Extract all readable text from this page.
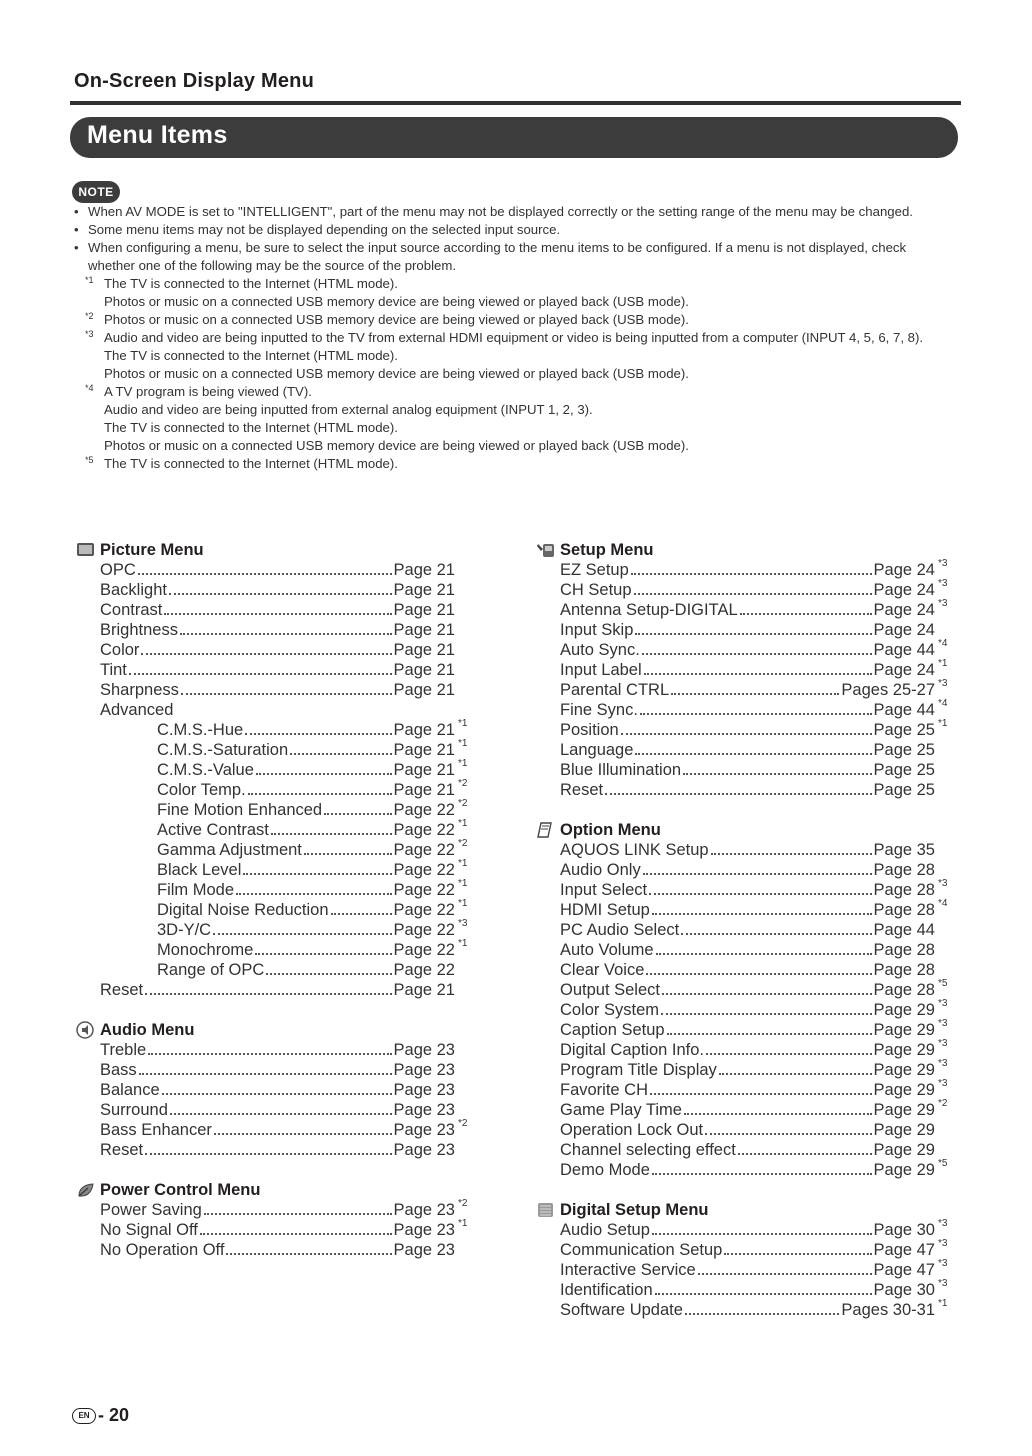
On-Screen Display Menu
Menu Items
NOTE
• When AV MODE is set to "INTELLIGENT", part of the menu may not be displayed correctly or the setting range of the menu may be changed.
• Some menu items may not be displayed depending on the selected input source.
• When configuring a menu, be sure to select the input source according to the menu items to be configured. If a menu is not displayed, check whether one of the following may be the source of the problem.
*1 The TV is connected to the Internet (HTML mode).
Photos or music on a connected USB memory device are being viewed or played back (USB mode).
*2 Photos or music on a connected USB memory device are being viewed or played back (USB mode).
*3 Audio and video are being inputted to the TV from external HDMI equipment or video is being inputted from a computer (INPUT 4, 5, 6, 7, 8).
The TV is connected to the Internet (HTML mode).
Photos or music on a connected USB memory device are being viewed or played back (USB mode).
*4 A TV program is being viewed (TV).
Audio and video are being inputted from external analog equipment (INPUT 1, 2, 3).
The TV is connected to the Internet (HTML mode).
Photos or music on a connected USB memory device are being viewed or played back (USB mode).
*5 The TV is connected to the Internet (HTML mode).
Picture Menu
OPC	Page 21
Backlight	Page 21
Contrast	Page 21
Brightness	Page 21
Color	Page 21
Tint	Page 21
Sharpness	Page 21
Advanced
C.M.S.-Hue	Page 21 *1
C.M.S.-Saturation	Page 21 *1
C.M.S.-Value	Page 21 *1
Color Temp.	Page 21 *2
Fine Motion Enhanced	Page 22 *2
Active Contrast	Page 22 *1
Gamma Adjustment	Page 22 *2
Black Level	Page 22 *1
Film Mode	Page 22 *1
Digital Noise Reduction	Page 22 *1
3D-Y/C	Page 22 *3
Monochrome	Page 22 *1
Range of OPC	Page 22
Reset	Page 21
Audio Menu
Treble	Page 23
Bass	Page 23
Balance	Page 23
Surround	Page 23
Bass Enhancer	Page 23 *2
Reset	Page 23
Power Control Menu
Power Saving	Page 23 *2
No Signal Off	Page 23 *1
No Operation Off	Page 23
Setup Menu
EZ Setup	Page 24 *3
CH Setup	Page 24 *3
Antenna Setup-DIGITAL	Page 24 *3
Input Skip	Page 24
Auto Sync.	Page 44 *4
Input Label	Page 24 *1
Parental CTRL	Pages 25-27 *3
Fine Sync.	Page 44 *4
Position	Page 25 *1
Language	Page 25
Blue Illumination	Page 25
Reset	Page 25
Option Menu
AQUOS LINK Setup	Page 35
Audio Only	Page 28
Input Select	Page 28 *3
HDMI Setup	Page 28 *4
PC Audio Select	Page 44
Auto Volume	Page 28
Clear Voice	Page 28
Output Select	Page 28 *5
Color System	Page 29 *3
Caption Setup	Page 29 *3
Digital Caption Info.	Page 29 *3
Program Title Display	Page 29 *3
Favorite CH	Page 29 *3
Game Play Time	Page 29 *2
Operation Lock Out	Page 29
Channel selecting effect	Page 29
Demo Mode	Page 29 *5
Digital Setup Menu
Audio Setup	Page 30 *3
Communication Setup	Page 47 *3
Interactive Service	Page 47 *3
Identification	Page 30 *3
Software Update	Pages 30-31 *1
EN - 20
